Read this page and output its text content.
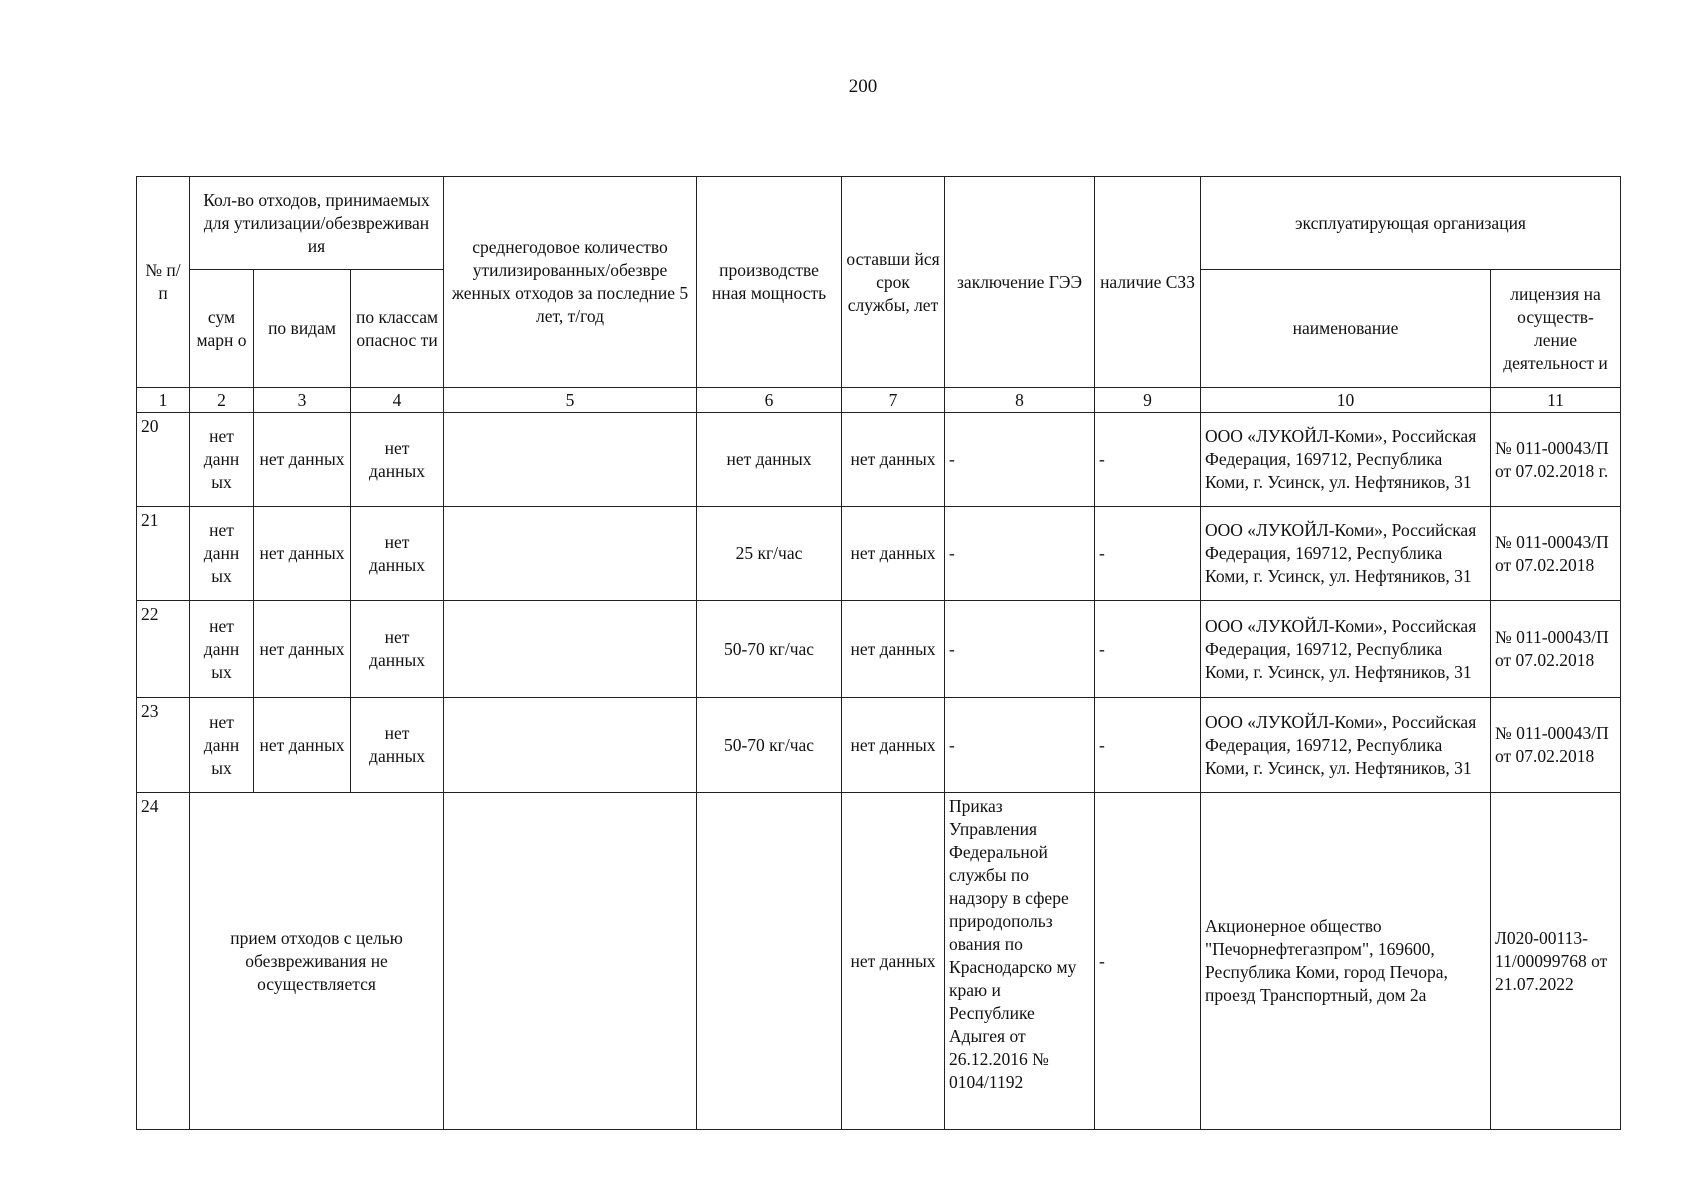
200
№ п/п	Кол-во отходов, принимаемых для утилизации/обезвреживан ия			среднегодовое количество утилизированных/обезвре женных отходов за последние 5 лет, т/год	производстве нная мощность	оставши йся срок службы, лет	заключение ГЭЭ	наличие СЗЗ	эксплуатирующая организация	
	сум марн о	по видам	по классам опаснос ти						наименование	лицензия на осуществ- ление деятельност и
1	2	3	4	5	6	7	8	9	10	11
20	нет данн ых	нет данных	нет данных		нет данных	нет данных	-	-	ООО «ЛУКОЙЛ-Коми», Российская Федерация, 169712, Республика Коми, г. Усинск, ул. Нефтяников, 31	№ 011-00043/П от 07.02.2018 г.
21	нет данн ых	нет данных	нет данных		25 кг/час	нет данных	-	-	ООО «ЛУКОЙЛ-Коми», Российская Федерация, 169712, Республика Коми, г. Усинск, ул. Нефтяников, 31	№ 011-00043/П от 07.02.2018
22	нет данн ых	нет данных	нет данных		50-70 кг/час	нет данных	-	-	ООО «ЛУКОЙЛ-Коми», Российская Федерация, 169712, Республика Коми, г. Усинск, ул. Нефтяников, 31	№ 011-00043/П от 07.02.2018
23	нет данн ых	нет данных	нет данных		50-70 кг/час	нет данных	-	-	ООО «ЛУКОЙЛ-Коми», Российская Федерация, 169712, Республика Коми, г. Усинск, ул. Нефтяников, 31	№ 011-00043/П от 07.02.2018
24	прием отходов с целью обезвреживания не осуществляется					нет данных	Приказ Управления Федеральной службы по надзору в сфере природопольз ования по Краснодарско му краю и Республике Адыгея от 26.12.2016 № 0104/1192	-	Акционерное общество "Печорнефтегазпром", 169600, Республика Коми, город Печора, проезд Транспортный, дом 2а	Л020-00113-11/00099768 от 21.07.2022
